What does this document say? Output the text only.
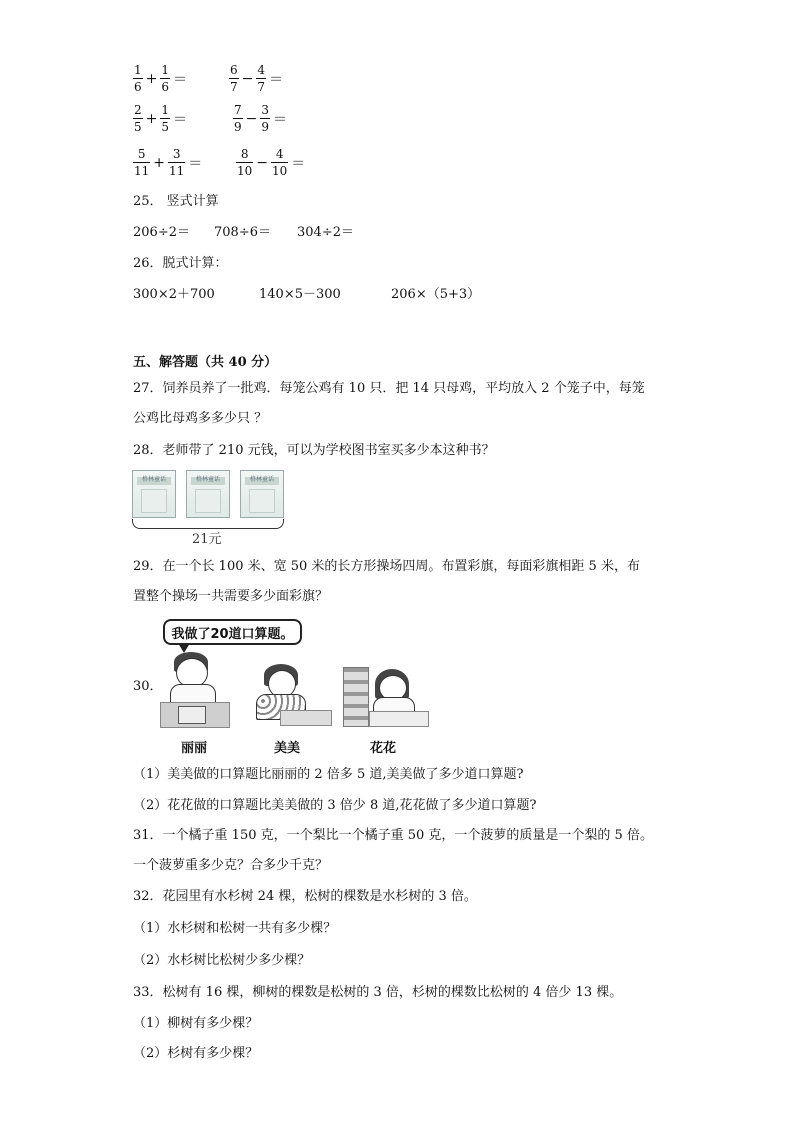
$\frac{1}{6} + \frac{1}{6}$ ＝	$\frac{6}{7} - \frac{4}{7}$ ＝
$\frac{2}{5} + \frac{1}{5}$ ＝	$\frac{7}{9} - \frac{3}{9}$ ＝
$\frac{5}{11} + \frac{3}{11}$ ＝	$\frac{8}{10} - \frac{4}{10}$ ＝
25． 竖式计算
206÷2＝ 708÷6＝ 304÷2＝
26．脱式计算：
300×2＋700	140×5－300	206×（5+3）
五、解答题（共 40 分）
27．饲养员养了一批鸡．每笼公鸡有 10 只．把 14 只母鸡，平均放入 2 个笼子中，每笼
公鸡比母鸡多多少只 ？
28．老师带了 210 元钱，可以为学校图书室买多少本这种书？
格林童话	格林童话	格林童话
21元
29．在一个长 100 米、宽 50 米的长方形操场四周。布置彩旗，每面彩旗相距 5 米，布
置整个操场一共需要多少面彩旗？
我做了20道口算题。
30．
丽丽	美美	花花
（1）美美做的口算题比丽丽的 2 倍多 5 道,美美做了多少道口算题?
（2）花花做的口算题比美美做的 3 倍少 8 道,花花做了多少道口算题?
31．一个橘子重 150 克，一个梨比一个橘子重 50 克，一个菠萝的质量是一个梨的 5 倍。
一个菠萝重多少克？合多少千克？
32．花园里有水杉树 24 棵，松树的棵数是水杉树的 3 倍。
（1）水杉树和松树一共有多少棵？
（2）水杉树比松树少多少棵？
33．松树有 16 棵，柳树的棵数是松树的 3 倍，杉树的棵数比松树的 4 倍少 13 棵。
（1）柳树有多少棵？
（2）杉树有多少棵？
